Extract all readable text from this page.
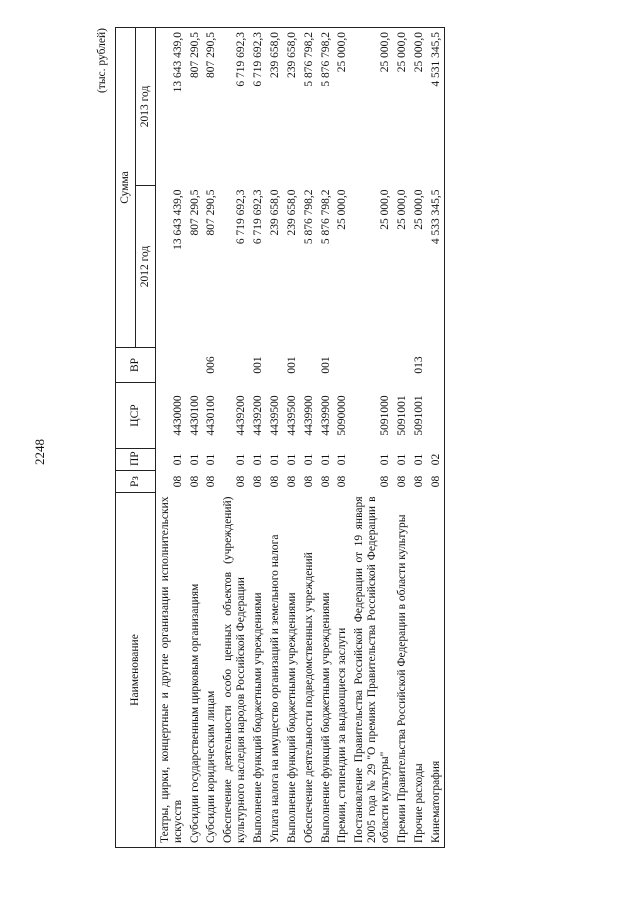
2248
(тыс. рублей)
Наименование	Рз	ПР	ЦСР	ВР	Сумма	
					2012 год	2013 год
Театры, цирки, концертные и другие организации исполнительских искусств	08	01	4430000		13 643 439,0	13 643 439,0
Субсидии государственным цирковым организациям	08	01	4430100		807 290,5	807 290,5
Субсидии юридическим лицам	08	01	4430100	006	807 290,5	807 290,5
Обеспечение деятельности особо ценных объектов (учреждений) культурного наследия народов Российской Федерации	08	01	4439200		6 719 692,3	6 719 692,3
Выполнение функций бюджетными учреждениями	08	01	4439200	001	6 719 692,3	6 719 692,3
Уплата налога на имущество организаций и земельного налога	08	01	4439500		239 658,0	239 658,0
Выполнение функций бюджетными учреждениями	08	01	4439500	001	239 658,0	239 658,0
Обеспечение деятельности подведомственных учреждений	08	01	4439900		5 876 798,2	5 876 798,2
Выполнение функций бюджетными учреждениями	08	01	4439900	001	5 876 798,2	5 876 798,2
Премии, стипендии за выдающиеся заслуги	08	01	5090000		25 000,0	25 000,0
Постановление Правительства Российской Федерации от 19 января 2005 года № 29 "О премиях Правительства Российской Федерации в области культуры"	08	01	5091000		25 000,0	25 000,0
Премии Правительства Российской Федерации в области культуры	08	01	5091001		25 000,0	25 000,0
Прочие расходы	08	01	5091001	013	25 000,0	25 000,0
Кинематография	08	02			4 533 345,5	4 531 345,5
